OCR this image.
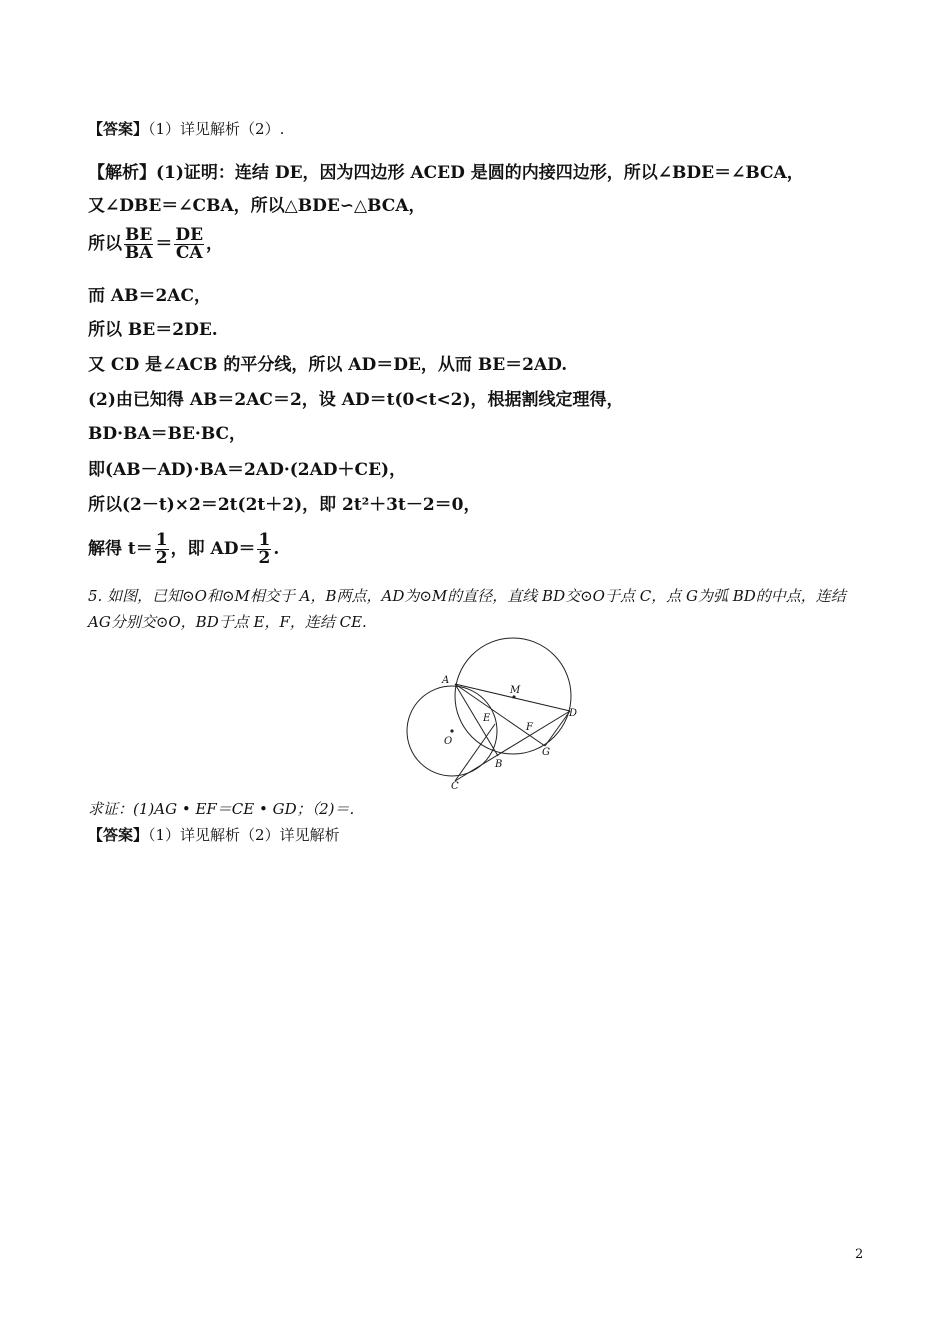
【答案】（1）详见解析（2）.
【解析】(1)证明：连结 DE，因为四边形 ACED 是圆的内接四边形，所以∠BDE＝∠BCA，
又∠DBE＝∠CBA，所以△BDE∽△BCA，
所以 $\frac{BE}{BA} = \frac{DE}{CA}$ ，
而 AB＝2AC，
所以 BE＝2DE.
又 CD 是∠ACB 的平分线，所以 AD＝DE，从而 BE＝2AD.
(2)由已知得 AB＝2AC＝2，设 AD＝t(0<t<2)，根据割线定理得，
BD·BA＝BE·BC，
即(AB－AD)·BA＝2AD·(2AD＋CE)，
所以(2－t)×2＝2t(2t＋2)，即 2t²＋3t－2＝0，
解得 $t= \frac{1}{2}$ ，即 $AD= \frac{1}{2}$ .
5. 如图，已知⊙O和⊙M相交于 A，B两点，AD为⊙M的直径，直线 BD交⊙O于点 C，点 G为弧 BD的中点，连结
AG分别交⊙O，BD于点 E，F，连结 CE.
A
M
D
E
F
O
G
B
C
求证：(1)AG • EF＝CE • GD；（2)＝.
【答案】（1）详见解析（2）详见解析
2
